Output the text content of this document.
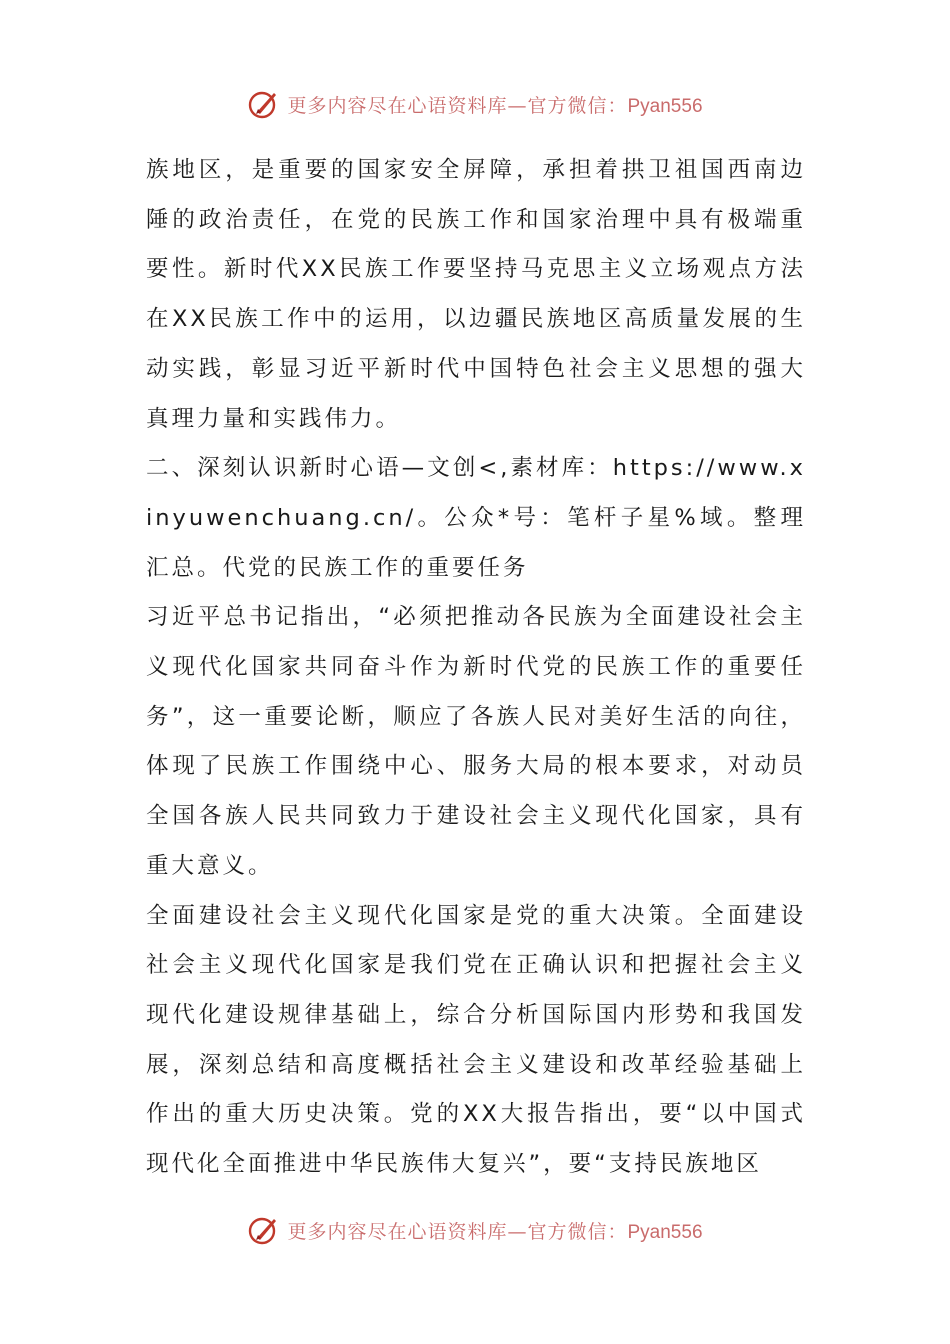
更多内容尽在心语资料库—官方微信：Pyan556

族地区，是重要的国家安全屏障，承担着拱卫祖国西南边陲的政治责任，在党的民族工作和国家治理中具有极端重要性。新时代XX民族工作要坚持马克思主义立场观点方法在XX民族工作中的运用，以边疆民族地区高质量发展的生动实践，彰显习近平新时代中国特色社会主义思想的强大真理力量和实践伟力。

二、深刻认识新时心语—文创<,素材库：https://www.xinyuwenchuang.cn/。公众*号：笔杆子星%域。整理汇总。代党的民族工作的重要任务

习近平总书记指出，“必须把推动各民族为全面建设社会主义现代化国家共同奋斗作为新时代党的民族工作的重要任务”，这一重要论断，顺应了各族人民对美好生活的向往，体现了民族工作围绕中心、服务大局的根本要求，对动员全国各族人民共同致力于建设社会主义现代化国家，具有重大意义。

全面建设社会主义现代化国家是党的重大决策。全面建设社会主义现代化国家是我们党在正确认识和把握社会主义现代化建设规律基础上，综合分析国际国内形势和我国发展，深刻总结和高度概括社会主义建设和改革经验基础上作出的重大历史决策。党的XX大报告指出，要“以中国式现代化全面推进中华民族伟大复兴”，要“支持民族地区

更多内容尽在心语资料库—官方微信：Pyan556
